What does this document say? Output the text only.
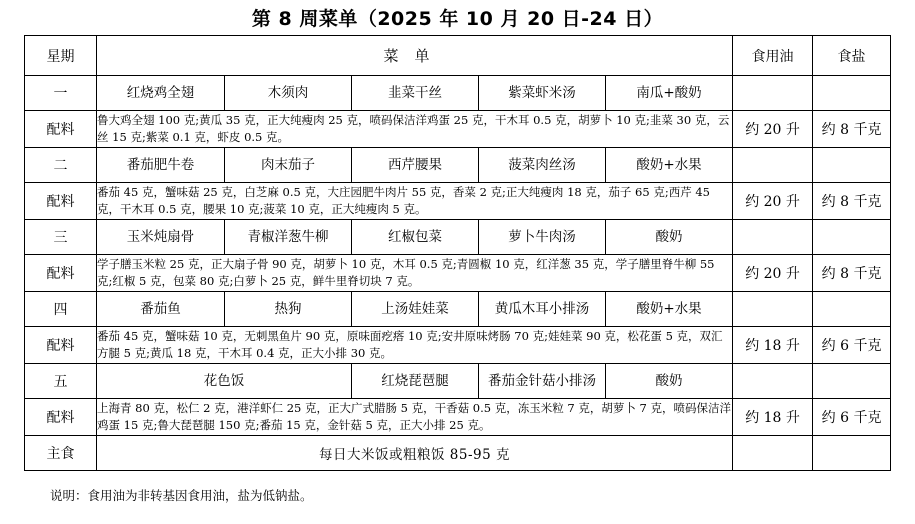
第 8 周菜单（2025 年 10 月 20 日-24 日）
星期	菜单					食用油	食盐
一	红烧鸡全翅	木须肉	韭菜干丝	紫菜虾米汤	南瓜+酸奶		
配料	鲁大鸡全翅 100 克;黄瓜 35 克，正大纯瘦肉 25 克，喷码保洁洋鸡蛋 25 克，干木耳 0.5 克，胡萝卜 10 克;韭菜 30 克，云丝 15 克;紫菜 0.1 克，虾皮 0.5 克。					约 20 升	约 8 千克
二	番茄肥牛卷	肉末茄子	西芹腰果	菠菜肉丝汤	酸奶+水果		
配料	番茄 45 克，蟹味菇 25 克，白芝麻 0.5 克，大庄园肥牛肉片 55 克，香菜 2 克;正大纯瘦肉 18 克，茄子 65 克;西芹 45 克，干木耳 0.5 克，腰果 10 克;菠菜 10 克，正大纯瘦肉 5 克。					约 20 升	约 8 千克
三	玉米炖扇骨	青椒洋葱牛柳	红椒包菜	萝卜牛肉汤	酸奶		
配料	学子膳玉米粒 25 克，正大扇子骨 90 克，胡萝卜 10 克，木耳 0.5 克;青圆椒 10 克，红洋葱 35 克，学子膳里脊牛柳 55 克;红椒 5 克，包菜 80 克;白萝卜 25 克，鲜牛里脊切块 7 克。					约 20 升	约 8 千克
四	番茄鱼	热狗	上汤娃娃菜	黄瓜木耳小排汤	酸奶+水果		
配料	番茄 45 克，蟹味菇 10 克，无刺黑鱼片 90 克，原味面疙瘩 10 克;安井原味烤肠 70 克;娃娃菜 90 克，松花蛋 5 克，双汇方腿 5 克;黄瓜 18 克，干木耳 0.4 克，正大小排 30 克。					约 18 升	约 6 千克
五	花色饭		红烧琵琶腿	番茄金针菇小排汤	酸奶		
配料	上海青 80 克，松仁 2 克，港洋虾仁 25 克，正大广式腊肠 5 克，干香菇 0.5 克，冻玉米粒 7 克，胡萝卜 7 克，喷码保洁洋鸡蛋 15 克;鲁大琵琶腿 150 克;番茄 15 克，金针菇 5 克，正大小排 25 克。					约 18 升	约 6 千克
主食	每日大米饭或粗粮饭 85-95 克						
说明：食用油为非转基因食用油，盐为低钠盐。
